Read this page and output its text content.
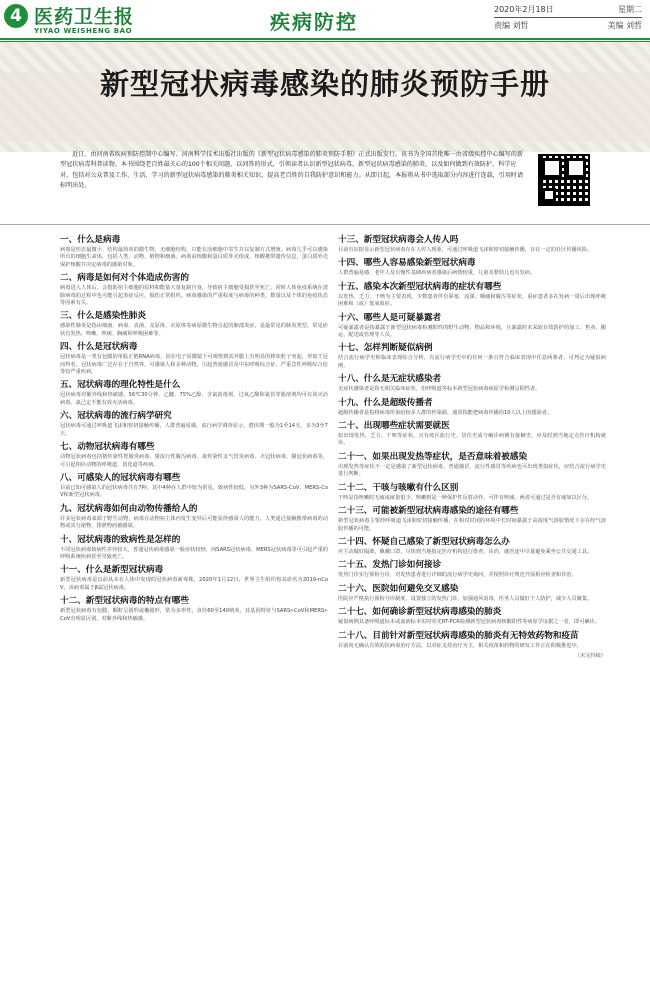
4 医药卫生报
YIYAO WEISHENG BAO	疾病防控
2020年2月18日	星期二
责编 刘哲	美编 刘哲
新型冠状病毒感染的肺炎预防手册

近日，由河南省疾病预防控制中心编写、河南科学技术出版社出版的《新型冠状病毒感染的肺炎预防手册》正式出版发行。该书为全国首批唯一由省级疾控中心编写的新型冠状病毒科普读物。本书围绕老百姓最关心的100个相关问题，以问答的形式，引领读者认识新型冠状病毒、新型冠状病毒感染的肺炎，以及如何做到有效防护、科学应对，包括对公众普及工作、生活、学习的新型冠状病毒感染的肺炎相关知识，提高老百姓的自我防护意识和能力。从即日起，本报将从书中选取部分内容进行连载，引用时请标明出处。

一、什么是病毒
病毒是形态最微小、结构最简单的微生物，无细胞结构，只能在活细胞中寄生并以复制方式增殖。病毒几乎可以感染所有的细胞生命体，包括人类、动物、植物和细菌。病毒由核酸和蛋白质外壳组成，核酸携带遗传信息，蛋白质外壳保护核酸并决定病毒的感染对象。
二、病毒是如何对个体造成伤害的
病毒进入人体后，会借助宿主细胞的原料和能量大量复制自身，导致宿主细胞受损甚至死亡，同时人体免疫系统在清除病毒的过程中也可能引起炎症反应，损伤正常组织。病毒感染的严重程度与病毒的种类、数量以及个体的免疫状态等因素有关。
三、什么是感染性肺炎
感染性肺炎是指由细菌、病毒、真菌、支原体、衣原体等病原微生物引起的肺部炎症，是最常见的肺炎类型，常见症状有发热、咳嗽、咳痰、胸痛和呼吸困难等。
四、什么是冠状病毒
冠状病毒是一类有包膜的单股正链RNA病毒，因在电子显微镜下可观察到其外膜上有明显的棒状粒子突起，形似王冠而得名。冠状病毒广泛存在于自然界，可感染人和多种动物，引起普通感冒及中东呼吸综合征、严重急性呼吸综合征等较严重疾病。
五、冠状病毒的理化特性是什么
冠状病毒对紫外线和热敏感，56℃30分钟、乙醚、75%乙醇、含氯消毒剂、过氧乙酸和氯仿等脂溶剂均可有效灭活病毒，氯己定不能有效灭活病毒。
六、冠状病毒的流行病学研究
冠状病毒可通过呼吸道飞沫和密切接触传播，人群普遍易感，流行病学调查显示，潜伏期一般为1至14天，多为3至7天。
七、动物冠状病毒有哪些
动物冠状病毒包括猪传染性胃肠炎病毒、猪流行性腹泻病毒、禽传染性支气管炎病毒、犬冠状病毒、猫冠状病毒等，可引起相应动物的呼吸道、消化道等疾病。
八、可感染人的冠状病毒有哪些
目前已知可感染人的冠状病毒共有7种，其中4种在人群中较为常见，致病性较低，另外3种为SARS-CoV、MERS-CoV和新型冠状病毒。
九、冠状病毒如何由动物传播给人的
许多冠状病毒来源于野生动物，病毒在动物宿主体内发生变异后可能获得感染人的能力，人类通过接触携带病毒的动物或其分泌物、排泄物而被感染。
十、冠状病毒的致病性是怎样的
不同冠状病毒致病性差异较大，普通冠状病毒感染一般症状较轻，而SARS冠状病毒、MERS冠状病毒等可引起严重的呼吸系统疾病甚至导致死亡。
十一、什么是新型冠状病毒
新型冠状病毒是以前从未在人体中发现的冠状病毒新毒株，2020年1月12日，世界卫生组织将其命名为2019-nCoV，该病毒属于β属冠状病毒。
十二、新型冠状病毒的特点有哪些
新型冠状病毒有包膜，颗粒呈圆形或椭圆形，常为多形性，直径60至140纳米，其基因特征与SARSr-CoV和MERSr-CoV有明显区别，对紫外线和热敏感。
十三、新型冠状病毒会人传人吗
目前有证据显示新型冠状病毒存在人传人现象，可通过呼吸道飞沫和密切接触传播，存在一定的社区传播风险。
十四、哪些人容易感染新型冠状病毒
人群普遍易感，老年人及有慢性基础疾病者感染后病情较重，儿童及婴幼儿也有发病。
十五、感染本次新型冠状病毒的症状有哪些
以发热、乏力、干咳为主要表现，少数患者伴有鼻塞、流涕、咽痛和腹泻等症状，重症患者多在发病一周后出现呼吸困难和（或）低氧血症。
十六、哪些人是可疑暴露者
可疑暴露者是指暴露于新型冠状病毒检测阳性的野生动物、物品和环境，且暴露时未采取有效防护的加工、售卖、搬运、配送或管理等人员。
十七、怎样判断疑似病例
结合流行病学史和临床表现综合分析，有流行病学史中的任何一条且符合临床表现中任意两条者，可判定为疑似病例。
十八、什么是无症状感染者
无症状感染者是指无相关临床症状，但呼吸道等标本新型冠状病毒病原学检测呈阳性者。
十九、什么是超级传播者
超级传播者是指将病毒传染给较多人群的传染源，通常指能把病毒传播给10人以上的感染者。
二十、出现哪些症状需要就医
如出现发热、乏力、干咳等症状，且有疫区旅行史、居住史或与确诊病例有接触史，应及时到当地定点医疗机构就诊。
二十一、如果出现发热等症状，是否意味着被感染
出现发热等症状不一定是感染了新型冠状病毒，普通感冒、流行性感冒等疾病也可出现类似症状，应结合流行病学史进行判断。
二十二、干咳与咳嗽有什么区别
干咳是指咳嗽时无痰或痰量很少，咳嗽则是一种保护性反射动作，可伴有咳痰，两者可通过是否有痰加以区分。
二十三、可能被新型冠状病毒感染的途径有哪些
新型冠状病毒主要经呼吸道飞沫和密切接触传播，在相对封闭的环境中长时间暴露于高浓度气溶胶情况下存在经气溶胶传播的可能。
二十四、怀疑自己感染了新型冠状病毒怎么办
应主动做好隔离，佩戴口罩，尽快到当地指定医疗机构进行排查、诊治，就医途中尽量避免乘坐公共交通工具。
二十五、发热门诊如何接诊
发热门诊实行预检分诊，对发热患者进行详细的流行病学史询问，并按照诊疗规范开展相应检查和诊治。
二十六、医院如何避免交叉感染
医院应严格执行预检分诊制度，设置独立的发热门诊，加强通风消毒，医务人员做好个人防护，减少人员聚集。
二十七、如何确诊新型冠状病毒感染的肺炎
疑似病例具备呼吸道标本或血液标本实时荧光RT-PCR检测新型冠状病毒核酸阳性等病原学证据之一者，即可确诊。
二十八、目前针对新型冠状病毒感染的肺炎有无特效药物和疫苗
目前尚无确认有效的抗病毒治疗方法，以对症支持治疗为主，相关疫苗和药物的研发工作正在积极推进中。
（未完待续）
